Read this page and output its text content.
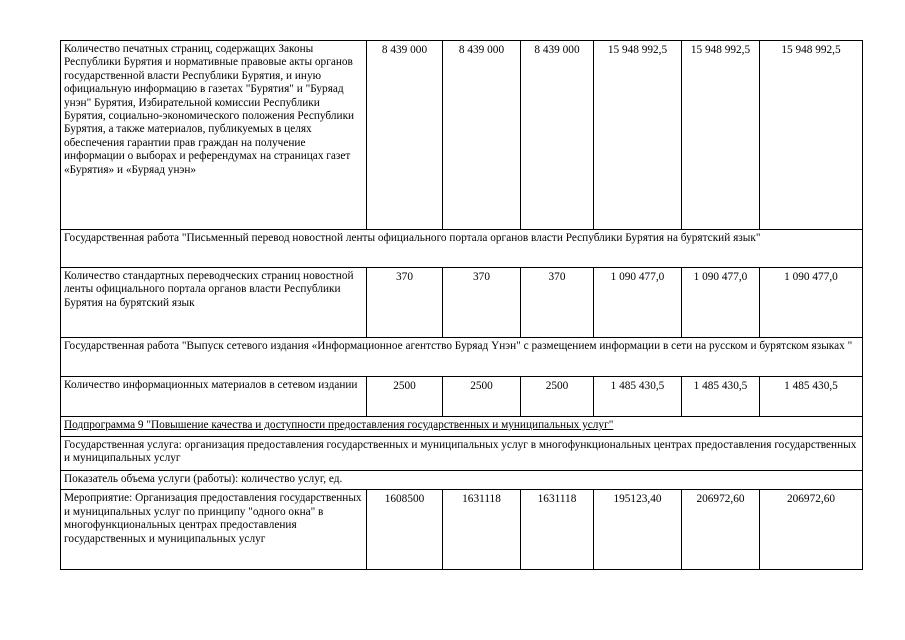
Количество печатных страниц, содержащих Законы Республики Бурятия и нормативные правовые акты органов государственной власти Республики Бурятия, и иную официальную информацию в газетах "Бурятия" и "Буряад унэн" Бурятия, Избирательной комиссии Республики Бурятия, социально-экономического положения Республики Бурятия, а также материалов, публикуемых в целях обеспечения гарантии прав граждан на получение информации о выборах и референдумах на страницах газет «Бурятия» и «Буряад унэн»	8 439 000	8 439 000	8 439 000	15 948 992,5	15 948 992,5	15 948 992,5
Государственная работа "Письменный перевод новостной ленты официального портала органов власти Республики Бурятия на бурятский язык"						
Количество стандартных переводческих страниц новостной ленты официального портала органов власти Республики Бурятия на бурятский язык	370	370	370	1 090 477,0	1 090 477,0	1 090 477,0
Государственная работа "Выпуск сетевого издания «Информационное агентство Буряад Үнэн" с размещением информации в сети на русском и бурятском языках "						
Количество информационных материалов в сетевом издании	2500	2500	2500	1 485 430,5	1 485 430,5	1 485 430,5
Подпрограмма 9 "Повышение качества и доступности предоставления государственных и муниципальных услуг"						
Государственная услуга: организация предоставления государственных и муниципальных услуг в многофункциональных центрах предоставления государственных и муниципальных услуг						
Показатель объема услуги (работы): количество услуг, ед.						
Мероприятие: Организация предоставления государственных и муниципальных услуг по принципу "одного окна" в многофункциональных центрах предоставления государственных и муниципальных услуг	1608500	1631118	1631118	195123,40	206972,60	206972,60
